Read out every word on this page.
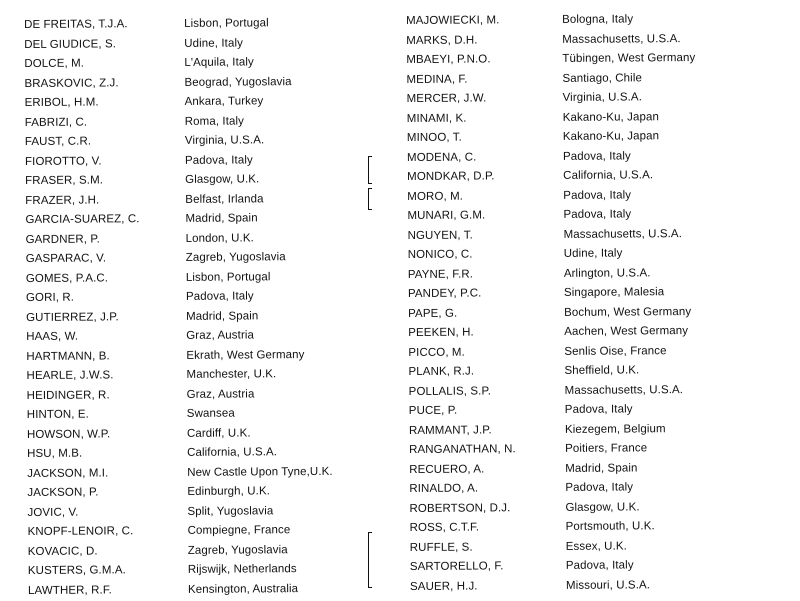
DE FREITAS, T.J.A.	Lisbon, Portugal
DEL GIUDICE, S.	Udine, Italy
DOLCE, M.	L'Aquila, Italy
BRASKOVIC, Z.J.	Beograd, Yugoslavia
ERIBOL, H.M.	Ankara, Turkey
FABRIZI, C.	Roma, Italy
FAUST, C.R.	Virginia, U.S.A.
FIOROTTO, V.	Padova, Italy
FRASER, S.M.	Glasgow, U.K.
FRAZER, J.H.	Belfast, Irlanda
GARCIA-SUAREZ, C.	Madrid, Spain
GARDNER, P.	London, U.K.
GASPARAC, V.	Zagreb, Yugoslavia
GOMES, P.A.C.	Lisbon, Portugal
GORI, R.	Padova, Italy
GUTIERREZ, J.P.	Madrid, Spain
HAAS, W.	Graz, Austria
HARTMANN, B.	Ekrath, West Germany
HEARLE, J.W.S.	Manchester, U.K.
HEIDINGER, R.	Graz, Austria
HINTON, E.	Swansea
HOWSON, W.P.	Cardiff, U.K.
HSU, M.B.	California, U.S.A.
JACKSON, M.I.	New Castle Upon Tyne,U.K.
JACKSON, P.	Edinburgh, U.K.
JOVIC, V.	Split, Yugoslavia
KNOPF-LENOIR, C.	Compiegne, France
KOVACIC, D.	Zagreb, Yugoslavia
KUSTERS, G.M.A.	Rijswijk, Netherlands
LAWTHER, R.F.	Kensington, Australia
MAJOWIECKI, M.	Bologna, Italy
MARKS, D.H.	Massachusetts, U.S.A.
MBAEYI, P.N.O.	Tübingen, West Germany
MEDINA, F.	Santiago, Chile
MERCER, J.W.	Virginia, U.S.A.
MINAMI, K.	Kakano-Ku, Japan
MINOO, T.	Kakano-Ku, Japan
MODENA, C.	Padova, Italy
MONDKAR, D.P.	California, U.S.A.
MORO, M.	Padova, Italy
MUNARI, G.M.	Padova, Italy
NGUYEN, T.	Massachusetts, U.S.A.
NONICO, C.	Udine, Italy
PAYNE, F.R.	Arlington, U.S.A.
PANDEY, P.C.	Singapore, Malesia
PAPE, G.	Bochum, West Germany
PEEKEN, H.	Aachen, West Germany
PICCO, M.	Senlis Oise, France
PLANK, R.J.	Sheffield, U.K.
POLLALIS, S.P.	Massachusetts, U.S.A.
PUCE, P.	Padova, Italy
RAMMANT, J.P.	Kiezegem, Belgium
RANGANATHAN, N.	Poitiers, France
RECUERO, A.	Madrid, Spain
RINALDO, A.	Padova, Italy
ROBERTSON, D.J.	Glasgow, U.K.
ROSS, C.T.F.	Portsmouth, U.K.
RUFFLE, S.	Essex, U.K.
SARTORELLO, F.	Padova, Italy
SAUER, H.J.	Missouri, U.S.A.
